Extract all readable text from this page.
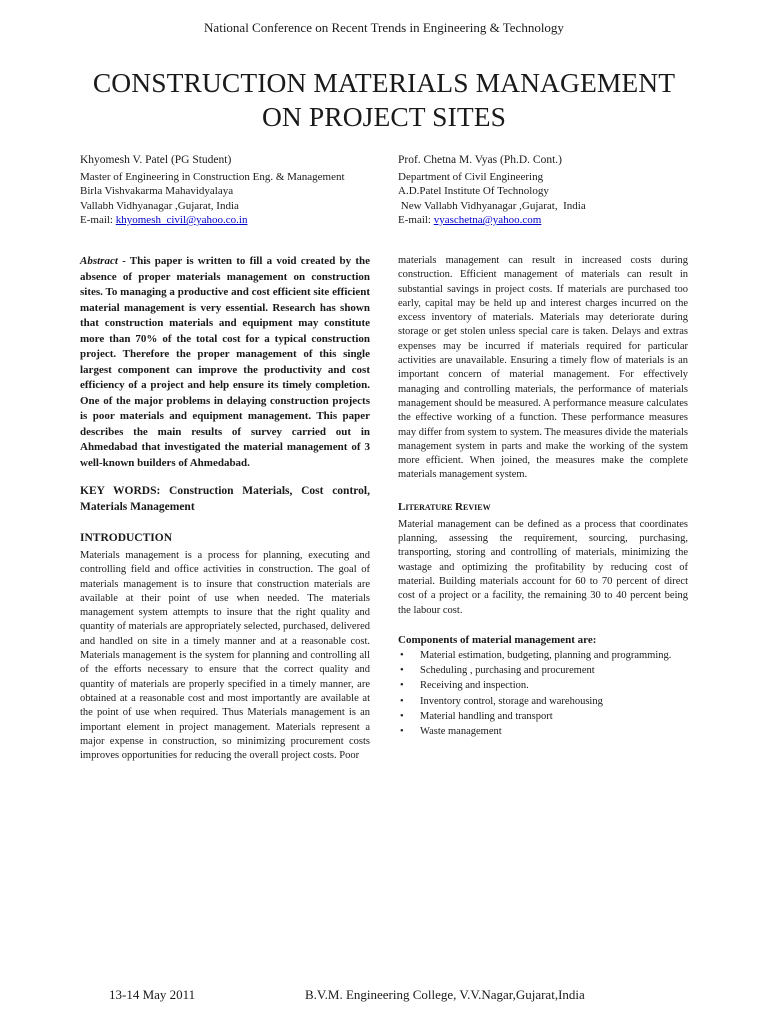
National Conference on Recent Trends in Engineering & Technology
CONSTRUCTION MATERIALS MANAGEMENT
ON PROJECT SITES
Khyomesh V. Patel (PG Student)
Master of Engineering in Construction Eng. & Management
Birla Vishvakarma Mahavidyalaya
Vallabh Vidhyanagar ,Gujarat, India
E-mail: khyomesh_civil@yahoo.co.in
Prof. Chetna M. Vyas (Ph.D. Cont.)
Department of Civil Engineering
A.D.Patel Institute Of Technology
New Vallabh Vidhyanagar ,Gujarat,  India
E-mail: vyaschetna@yahoo.com

Abstract - This paper is written to fill a void created by the absence of proper materials management on construction sites. To managing a productive and cost efficient site efficient material management is very essential. Research has shown that construction materials and equipment may constitute more than 70% of the total cost for a typical construction project. Therefore the proper management of this single largest component can improve the productivity and cost efficiency of a project and help ensure its timely completion. One of the major problems in delaying construction projects is poor materials and equipment management. This paper describes the main results of survey carried out in Ahmedabad that investigated the material management of 3 well-known builders of Ahmedabad.

KEY WORDS: Construction Materials, Cost control, Materials Management

INTRODUCTION

Materials management is a process for planning, executing and controlling field and office activities in construction. The goal of materials management is to insure that construction materials are available at their point of use when needed. The materials management system attempts to insure that the right quality and quantity of materials are appropriately selected, purchased, delivered and handled on site in a timely manner and at a reasonable cost. Materials management is the system for planning and controlling all of the efforts necessary to ensure that the correct quality and quantity of materials are properly specified in a timely manner, are obtained at a reasonable cost and most importantly are available at the point of use when required. Thus Materials management is an important element in project management. Materials represent a major expense in construction, so minimizing procurement costs improves opportunities for reducing the overall project costs. Poor

materials management can result in increased costs during construction. Efficient management of materials can result in substantial savings in project costs. If materials are purchased too early, capital may be held up and interest charges incurred on the excess inventory of materials. Materials may deteriorate during storage or get stolen unless special care is taken. Delays and extras expenses may be incurred if materials required for particular activities are unavailable. Ensuring a timely flow of materials is an important concern of material management. For effectively managing and controlling materials, the performance of materials management should be measured. A performance measure calculates the effective working of a function. These performance measures may differ from system to system. The measures divide the materials management system in parts and make the working of the system more efficient. When joined, the measures make the complete materials management system.

Literature Review

Material management can be defined as a process that coordinates planning, assessing the requirement, sourcing, purchasing, transporting, storing and controlling of materials, minimizing the wastage and optimizing the profitability by reducing cost of material. Building materials account for 60 to 70 percent of direct cost of a project or a facility, the remaining 30 to 40 percent being the labour cost.

Components of material management are:
• Material estimation, budgeting, planning and programming.
• Scheduling , purchasing and procurement
• Receiving and inspection.
• Inventory control, storage and warehousing
• Material handling and transport
• Waste management
13-14 May 2011	B.V.M. Engineering College, V.V.Nagar,Gujarat,India
